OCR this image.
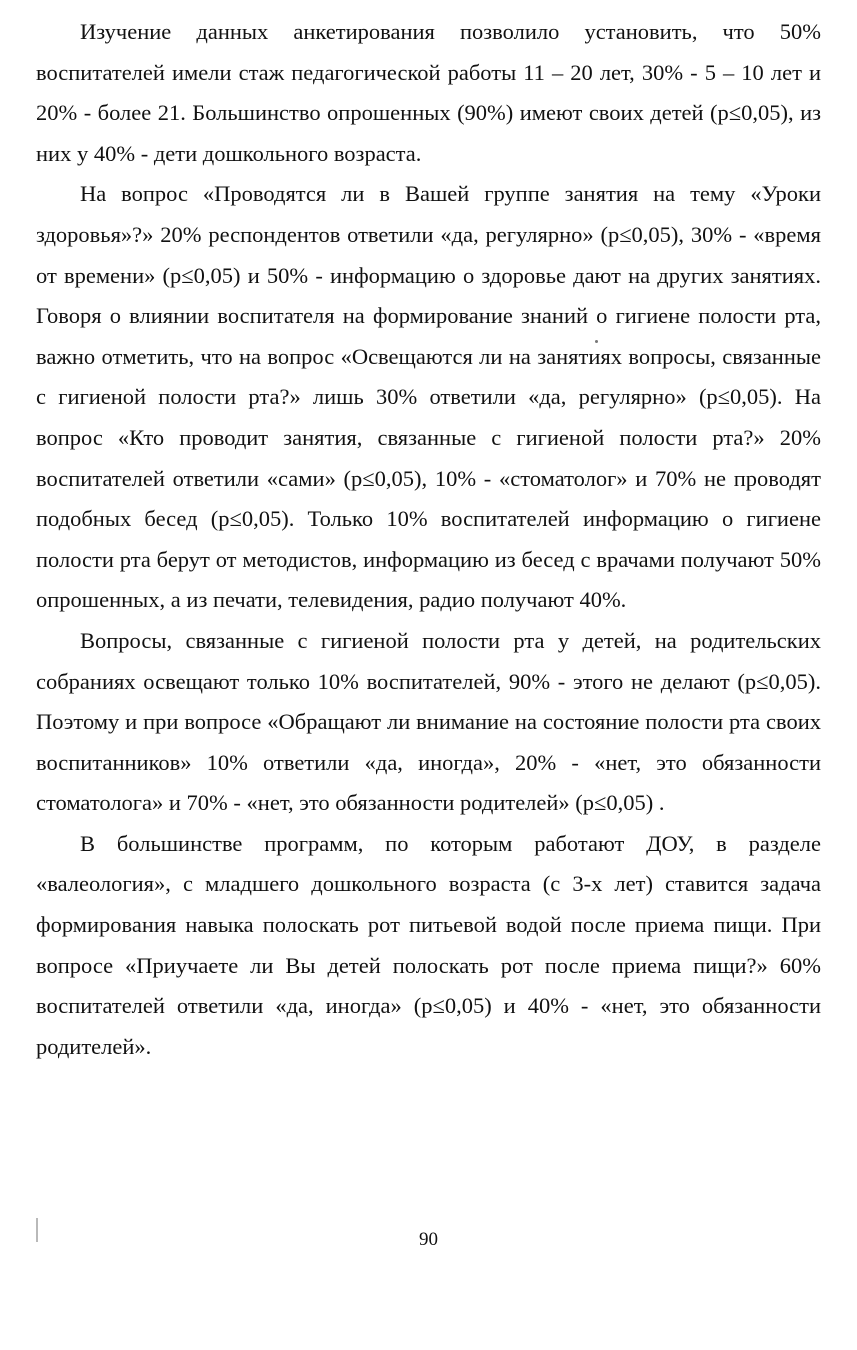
Изучение данных анкетирования позволило установить, что 50% воспитателей имели стаж педагогической работы 11 – 20 лет, 30% - 5 – 10 лет и 20% - более 21. Большинство опрошенных (90%) имеют своих детей (p≤0,05), из них у 40% - дети дошкольного возраста.

На вопрос «Проводятся ли в Вашей группе занятия на тему «Уроки здоровья»?» 20% респондентов ответили «да, регулярно» (p≤0,05), 30% - «время от времени» (p≤0,05) и 50% - информацию о здоровье дают на других занятиях. Говоря о влиянии воспитателя на формирование знаний о гигиене полости рта, важно отметить, что на вопрос «Освещаются ли на занятиях вопросы, связанные с гигиеной полости рта?» лишь 30% ответили «да, регулярно» (p≤0,05). На вопрос «Кто проводит занятия, связанные с гигиеной полости рта?» 20% воспитателей ответили «сами» (p≤0,05), 10% - «стоматолог» и 70% не проводят подобных бесед (p≤0,05). Только 10% воспитателей информацию о гигиене полости рта берут от методистов, информацию из бесед с врачами получают 50% опрошенных, а из печати, телевидения, радио получают 40%.

Вопросы, связанные с гигиеной полости рта у детей, на родительских собраниях освещают только 10% воспитателей, 90% - этого не делают (p≤0,05). Поэтому и при вопросе «Обращают ли внимание на состояние полости рта своих воспитанников» 10% ответили «да, иногда», 20% - «нет, это обязанности стоматолога» и 70% - «нет, это обязанности родителей» (p≤0,05) .

В большинстве программ, по которым работают ДОУ, в разделе «валеология», с младшего дошкольного возраста (с 3-х лет) ставится задача формирования навыка полоскать рот питьевой водой после приема пищи. При вопросе «Приучаете ли Вы детей полоскать рот после приема пищи?» 60% воспитателей ответили «да, иногда» (p≤0,05) и 40% - «нет, это обязанности родителей».

90
